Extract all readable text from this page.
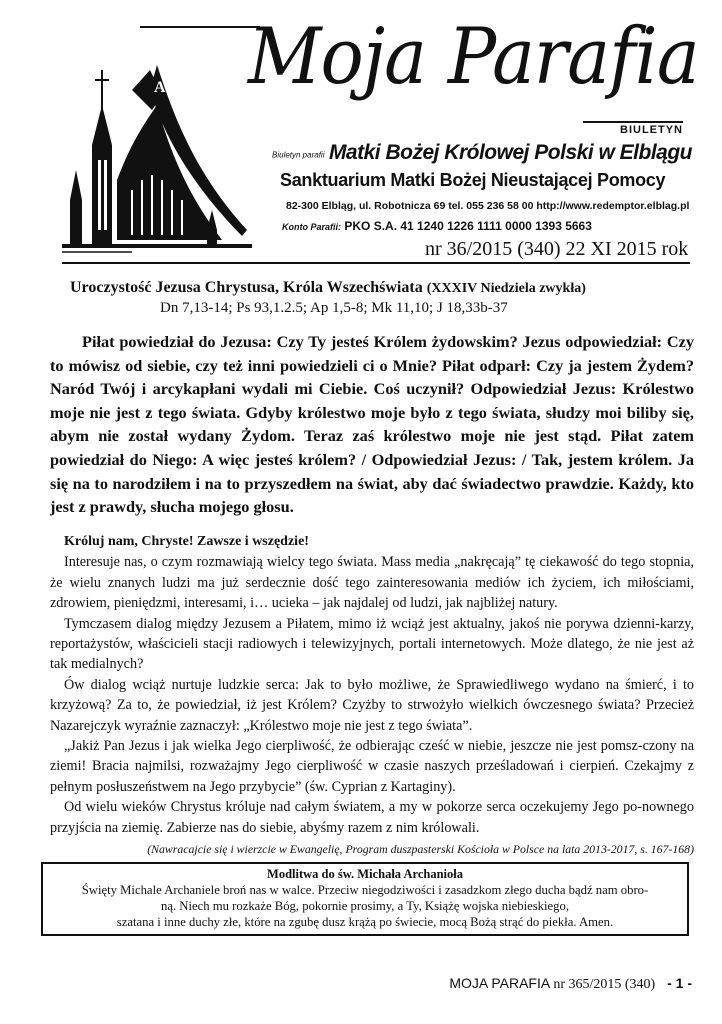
A Moja Parafia
BIULETYN
Biuletyn parafii Matki Bożej Królowej Polski w Elblągu
Sanktuarium Matki Bożej Nieustającej Pomocy
82-300 Elbląg, ul. Robotnicza 69 tel. 055 236 58 00 http://www.redemptor.elblag.pl
Konto Parafii: PKO S.A. 41 1240 1226 1111 0000 1393 5663
nr 36/2015 (340) 22 XI 2015 rok
Uroczystość Jezusa Chrystusa, Króla Wszechświata (XXXIV Niedziela zwykła)
Dn 7,13-14; Ps 93,1.2.5; Ap 1,5-8; Mk 11,10; J 18,33b-37
Piłat powiedział do Jezusa: Czy Ty jesteś Królem żydowskim? Jezus odpowiedział: Czy to mówisz od siebie, czy też inni powiedzieli ci o Mnie? Piłat odparł: Czy ja jestem Żydem? Naród Twój i arcykapłani wydali mi Ciebie. Coś uczynił? Odpowiedział Jezus: Królestwo moje nie jest z tego świata. Gdyby królestwo moje było z tego świata, słudzy moi biliby się, abym nie został wydany Żydom. Teraz zaś królestwo moje nie jest stąd. Piłat zatem powiedział do Niego: A więc jesteś królem? / Odpowiedział Jezus: / Tak, jestem królem. Ja się na to narodziłem i na to przyszedłem na świat, aby dać świadectwo prawdzie. Każdy, kto jest z prawdy, słucha mojego głosu.

Króluj nam, Chryste! Zawsze i wszędzie!

Interesuje nas, o czym rozmawiają wielcy tego świata. Mass media „nakręcają” tę ciekawość do tego stopnia, że wielu znanych ludzi ma już serdecznie dość tego zainteresowania mediów ich życiem, ich miłościami, zdrowiem, pieniędzmi, interesami, i… ucieka – jak najdalej od ludzi, jak najbliżej natury.

Tymczasem dialog między Jezusem a Piłatem, mimo iż wciąż jest aktualny, jakoś nie porywa dzienni-karzy, reportażystów, właścicieli stacji radiowych i telewizyjnych, portali internetowych. Może dlatego, że nie jest aż tak medialnych?

Ów dialog wciąż nurtuje ludzkie serca: Jak to było możliwe, że Sprawiedliwego wydano na śmierć, i to krzyżową? Za to, że powiedział, iż jest Królem? Czyżby to strwożyło wielkich ówczesnego świata? Przecież Nazarejczyk wyraźnie zaznaczył: „Królestwo moje nie jest z tego świata”.

„Jakiż Pan Jezus i jak wielka Jego cierpliwość, że odbierając cześć w niebie, jeszcze nie jest pomsz-czony na ziemi! Bracia najmilsi, rozważajmy Jego cierpliwość w czasie naszych prześladowań i cierpień. Czekajmy z pełnym posłuszeństwem na Jego przybycie” (św. Cyprian z Kartaginy).

Od wielu wieków Chrystus króluje nad całym światem, a my w pokorze serca oczekujemy Jego po-nownego przyjścia na ziemię. Zabierze nas do siebie, abyśmy razem z nim królowali.

(Nawracajcie się i wierzcie w Ewangelię, Program duszpasterski Kościoła w Polsce na lata 2013-2017, s. 167-168)
Modlitwa do św. Michała Archanioła
Święty Michale Archaniele broń nas w walce. Przeciw niegodziwości i zasadzkom złego ducha bądź nam obro-
ną. Niech mu rozkaże Bóg, pokornie prosimy, a Ty, Książę wojska niebieskiego,
szatana i inne duchy złe, które na zgubę dusz krążą po świecie, mocą Bożą strąć do piekła. Amen.
MOJA PARAFIA nr 365/2015 (340) - 1 -
